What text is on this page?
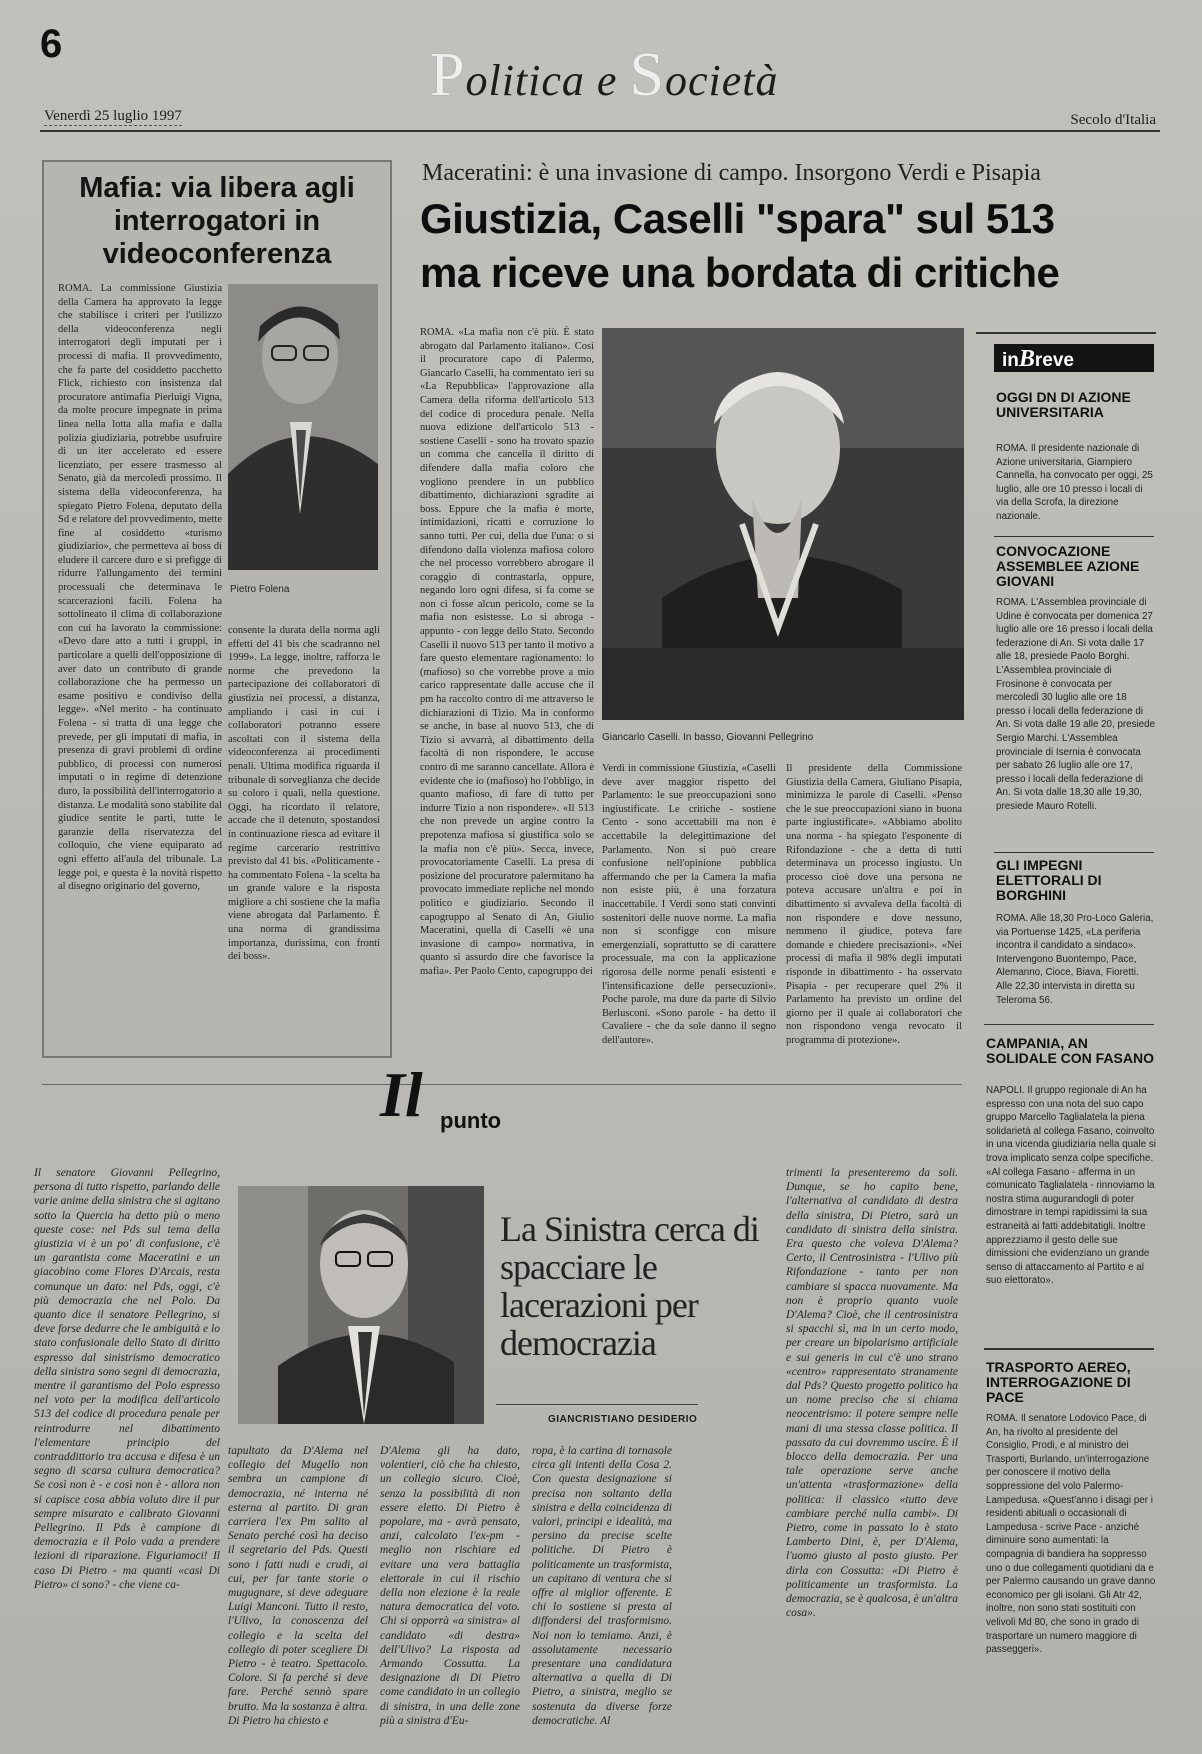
6	Politica e Società
Venerdì 25 luglio 1997	Secolo d'Italia
Mafia: via libera agli interrogatori in videoconferenza
Pietro Folena
ROMA. La commissione Giustizia della Camera ha approvato la legge che stabilisce i criteri per l'utilizzo della videoconferenza negli interrogatori degli imputati per i processi di mafia. Il provvedimento, che fa parte del cosiddetto pacchetto Flick, richiesto con insistenza dal procuratore antimafia Pierluigi Vigna, da molte procure impegnate in prima linea nella lotta alla mafia e dalla polizia giudiziaria, potrebbe usufruire di un iter accelerato ed essere licenziato, per essere trasmesso al Senato, già da mercoledì prossimo. Il sistema della videoconferenza, ha spiegato Pietro Folena, deputato della Sd e relatore del provvedimento, mette fine al cosiddetto «turismo giudiziario», che permetteva ai boss di eludere il carcere duro e si prefigge di ridurre l'allungamento dei termini processuali che determinava le scarcerazioni facili. Folena ha sottolineato il clima di collaborazione con cui ha lavorato la commissione: «Devo dare atto a tutti i gruppi, in particolare a quelli dell'opposizione di aver dato un contributo di grande collaborazione che ha permesso un esame positivo e condiviso della legge». «Nel merito - ha continuato Folena - si tratta di una legge che prevede, per gli imputati di mafia, in presenza di gravi problemi di ordine pubblico, di processi con numerosi imputati o in regime di detenzione duro, la possibilità dell'interrogatorio a distanza. Le modalità sono stabilite dal giudice sentite le parti, tutte le garanzie della riservatezza del colloquio, che viene equiparato ad ogni effetto all'aula del tribunale. La legge poi, e questa è la novità rispetto al disegno originario del governo,
consente la durata della norma agli effetti del 41 bis che scadranno nel 1999». La legge, inoltre, rafforza le norme che prevedono la partecipazione dei collaboratori di giustizia nei processi, a distanza, ampliando i casi in cui i collaboratori potranno essere ascoltati con il sistema della videoconferenza ai procedimenti penali. Ultima modifica riguarda il tribunale di sorveglianza che decide su coloro i quali, nella questione. Oggi, ha ricordato il relatore, accade che il detenuto, spostandosi in continuazione riesca ad evitare il regime carcerario restrittivo previsto dal 41 bis. «Politicamente - ha commentato Folena - la scelta ha un grande valore e la risposta migliore a chi sostiene che la mafia viene abrogata dal Parlamento. È una norma di grandissima importanza, durissima, con fronti dei boss».
Maceratini: è una invasione di campo. Insorgono Verdi e Pisapia
Giustizia, Caselli "spara" sul 513
ma riceve una bordata di critiche
Giancarlo Caselli. In basso, Giovanni Pellegrino
ROMA. «La mafia non c'è più. È stato abrogato dal Parlamento italiano». Così il procuratore capo di Palermo, Giancarlo Caselli, ha commentato ieri su «La Repubblica» l'approvazione alla Camera della riforma dell'articolo 513 del codice di procedura penale. Nella nuova edizione dell'articolo 513 - sostiene Caselli - sono ha trovato spazio un comma che cancella il diritto di difendere dalla mafia coloro che vogliono prendere in un pubblico dibattimento, dichiarazioni sgradite ai boss. Eppure che la mafia è morte, intimidazioni, ricatti e corruzione lo sanno tutti. Per cui, della due l'una: o si difendono dalla violenza mafiosa coloro che nel processo vorrebbero abrogare il coraggio di contrastarla, oppure, negando loro ogni difesa, si fa come se non ci fosse alcun pericolo, come se la mafia non esistesse. Lo si abroga - appunto - con legge dello Stato. Secondo Caselli il nuovo 513 per tanto il motivo a fare questo elementare ragionamento: lo (mafioso) so che vorrebbe prove a mio carico rappresentate dalle accuse che il pm ha raccolto contro di me attraverso le dichiarazioni di Tizio. Ma in conformo se anche, in base al nuovo 513, che di Tizio si avvarrà, al dibattimento della facoltà di non rispondere, le accuse contro di me saranno cancellate. Allora è evidente che io (mafioso) ho l'obbligo, in quanto mafioso, di fare di tutto per indurre Tizio a non rispondere». «Il 513 che non prevede un argine contro la prepotenza mafiosa si giustifica solo se la mafia non c'è più». Secca, invece, provocatoriamente Caselli. La presa di posizione del procuratore palermitano ha provocato immediate repliche nel mondo politico e giudiziario. Secondo il capogruppo al Senato di An, Giulio Maceratini, quella di Caselli «è una invasione di campo» normativa, in quanto si assurdo dire che favorisce la mafia». Per Paolo Cento, capogruppo dei
Verdi in commissione Giustizia, «Caselli deve aver maggior rispetto del Parlamento: le sue preoccupazioni sono ingiustificate. Le critiche - sostiene Cento - sono accettabili ma non è accettabile la delegittimazione del Parlamento. Non si può creare confusione nell'opinione pubblica affermando che per la Camera la mafia non esiste più, è una forzatura inaccettabile. I Verdi sono stati convinti sostenitori delle nuove norme. La mafia non si sconfigge con misure emergenziali, soprattutto se di carattere processuale, ma con la applicazione rigorosa delle norme penali esistenti e l'intensificazione delle persecuzioni». Poche parole, ma dure da parte di Silvio Berlusconi. «Sono parole - ha detto il Cavaliere - che da sole danno il segno dell'autore».
Il presidente della Commissione Giustizia della Camera, Giuliano Pisapia, minimizza le parole di Caselli. «Penso che le sue preoccupazioni siano in buona parte ingiustificate». «Abbiamo abolito una norma - ha spiegato l'esponente di Rifondazione - che a detta di tutti determinava un processo ingiusto. Un processo cioè dove una persona ne poteva accusare un'altra e poi in dibattimento si avvaleva della facoltà di non rispondere e dove nessuno, nemmeno il giudice, poteva fare domande e chiedere precisazioni». «Nei processi di mafia il 98% degli imputati risponde in dibattimento - ha osservato Pisapia - per recuperare quel 2% il Parlamento ha previsto un ordine del giorno per il quale ai collaboratori che non rispondono venga revocato il programma di protezione».
inBreve
OGGI DN DI AZIONE UNIVERSITARIA
ROMA. Il presidente nazionale di Azione universitaria, Giampiero Cannella, ha convocato per oggi, 25 luglio, alle ore 10 presso i locali di via della Scrofa, la direzione nazionale.
CONVOCAZIONE ASSEMBLEE AZIONE GIOVANI
ROMA. L'Assemblea provinciale di Udine è convocata per domenica 27 luglio alle ore 16 presso i locali della federazione di An. Si vota dalle 17 alle 18, presiede Paolo Borghi. L'Assemblea provinciale di Frosinone è convocata per mercoledì 30 luglio alle ore 18 presso i locali della federazione di An. Si vota dalle 19 alle 20, presiede Sergio Marchi. L'Assemblea provinciale di Isernia è convocata per sabato 26 luglio alle ore 17, presso i locali della federazione di An. Si vota dalle 18,30 alle 19,30, presiede Mauro Rotelli.
GLI IMPEGNI ELETTORALI DI BORGHINI
ROMA. Alle 18,30 Pro-Loco Galeria, via Portuense 1425, «La periferia incontra il candidato a sindaco». Intervengono Buontempo, Pace, Alemanno, Cioce, Biava, Fioretti. Alle 22,30 intervista in diretta su Teleroma 56.
CAMPANIA, AN SOLIDALE CON FASANO
NAPOLI. Il gruppo regionale di An ha espresso con una nota del suo capo gruppo Marcello Taglialatela la piena solidarietà al collega Fasano, coinvolto in una vicenda giudiziaria nella quale si trova implicato senza colpe specifiche. «Al collega Fasano - afferma in un comunicato Taglialatela - rinnoviamo la nostra stima augurandogli di poter dimostrare in tempi rapidissimi la sua estraneità ai fatti addebitatigli. Inoltre apprezziamo il gesto delle sue dimissioni che evidenziano un grande senso di attaccamento al Partito e al suo elettorato».
TRASPORTO AEREO, INTERROGAZIONE DI PACE
ROMA. Il senatore Lodovico Pace, di An, ha rivolto al presidente del Consiglio, Prodi, e al ministro dei Trasporti, Burlando, un'interrogazione per conoscere il motivo della soppressione del volo Palermo-Lampedusa. «Quest'anno i disagi per i residenti abituali o occasionali di Lampedusa - scrive Pace - anziché diminuire sono aumentati: la compagnia di bandiera ha soppresso uno o due collegamenti quotidiani da e per Palermo causando un grave danno economico per gli isolani. Gli Atr 42, inoltre, non sono stati sostituiti con velivoli Md 80, che sono in grado di trasportare un numero maggiore di passeggeri».
Il punto
La Sinistra cerca di spacciare le lacerazioni per democrazia
GIANCRISTIANO DESIDERIO
Il senatore Giovanni Pellegrino, persona di tutto rispetto, parlando delle varie anime della sinistra che si agitano sotto la Quercia ha detto più o meno queste cose: nel Pds sul tema della giustizia vi è un po' di confusione, c'è un garantista come Maceratini e un giacobino come Flores D'Arcais, resta comunque un dato: nel Pds, oggi, c'è più democrazia che nel Polo. Da quanto dice il senatore Pellegrino, si deve forse dedurre che le ambiguità e lo stato confusionale dello Stato di diritto espresso dal sinistrismo democratico della sinistra sono segni di democrazia, mentre il garantismo del Polo espresso nel voto per la modifica dell'articolo 513 del codice di procedura penale per reintrodurre nel dibattimento l'elementare principio del contraddittorio tra accusa e difesa è un segno di scarsa cultura democratica? Se così non è - e così non è - allora non si capisce cosa abbia voluto dire il pur sempre misurato e calibrato Giovanni Pellegrino. Il Pds è campione di democrazia e il Polo vada a prendere lezioni di riparazione. Figuriamoci! Il caso Di Pietro - ma quanti «casi Di Pietro» ci sono? - che viene ca-
tapultato da D'Alema nel collegio del Mugello non sembra un campione di democrazia, né interna né esterna al partito. Di gran carriera l'ex Pm salito al Senato perché così ha deciso il segretario del Pds. Questi sono i fatti nudi e crudi, ai cui, per far tante storie o mugugnare, si deve adeguare Luigi Manconi. Tutto il resto, l'Ulivo, la conoscenza del collegio e la scelta del collegio di poter scegliere Di Pietro - è teatro. Spettacolo. Colore. Si fa perché si deve fare. Perché sennò spare brutto. Ma la sostanza è altra. Di Pietro ha chiesto e
D'Alema gli ha dato, volentieri, ciò che ha chiesto, un collegio sicuro. Cioè, senza la possibilità di non essere eletto. Di Pietro è popolare, ma - avrà pensato, anzi, calcolato l'ex-pm - meglio non rischiare ed evitare una vera battaglia elettorale in cui il rischio della non elezione è la reale natura democratica del voto. Chi si opporrà «a sinistra» al candidato «di destra» dell'Ulivo? La risposta ad Armando Cossutta. La designazione di Di Pietro come candidato in un collegio di sinistra, in una delle zone più a sinistra d'Eu-
ropa, è la cartina di tornasole circa gli intenti della Cosa 2. Con questa designazione si precisa non soltanto della sinistra e della coincidenza di valori, principi e idealità, ma persino da precise scelte politiche. Di Pietro è politicamente un trasformista, un capitano di ventura che si offre al miglior offerente. E chi lo sostiene si presta al diffondersi del trasformismo. Noi non lo temiamo. Anzi, è assolutamente necessario presentare una candidatura alternativa a quella di Di Pietro, a sinistra, meglio se sostenuta da diverse forze democratiche. Al
trimenti la presenteremo da soli. Dunque, se ho capito bene, l'alternativa al candidato di destra della sinistra, Di Pietro, sarà un candidato di sinistra della sinistra. Era questo che voleva D'Alema? Certo, il Centrosinistra - l'Ulivo più Rifondazione - tanto per non cambiare si spacca nuovamente. Ma non è proprio quanto vuole D'Alema? Cioè, che il centrosinistra si spacchi sì, ma in un certo modo, per creare un bipolarismo artificiale e sui generis in cui c'è uno strano «centro» rappresentato stranamente dal Pds? Questo progetto politico ha un nome preciso che si chiama neocentrismo: il potere sempre nelle mani di una stessa classe politica. Il passato da cui dovremmo uscire. È il blocco della democrazia. Per una tale operazione serve anche un'attenta «trasformazione» della politica: il classico «tutto deve cambiare perché nulla cambi». Di Pietro, come in passato lo è stato Lamberto Dini, è, per D'Alema, l'uomo giusto al posto giusto. Per dirla con Cossutta: «Di Pietro è politicamente un trasformista. La democrazia, se è qualcosa, è un'altra cosa».
